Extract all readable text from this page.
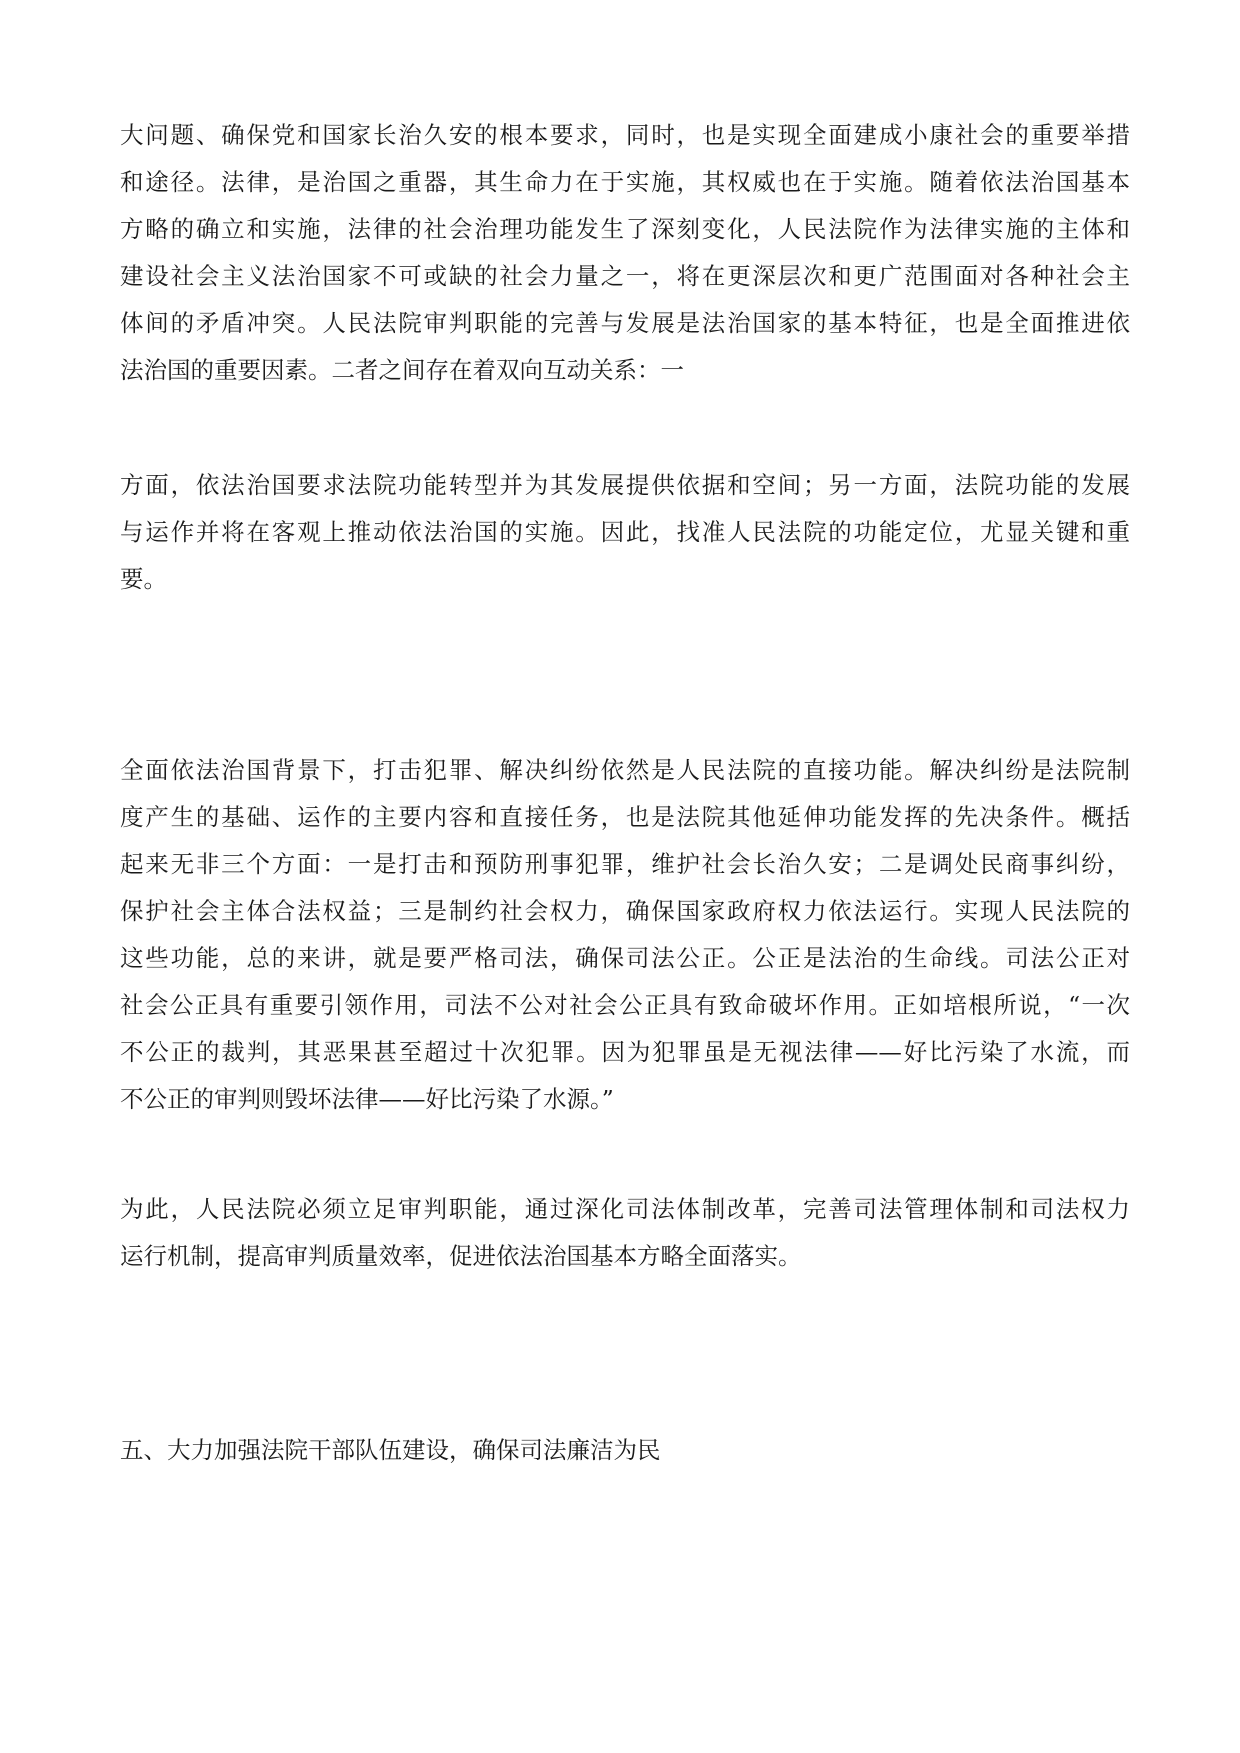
大问题、确保党和国家长治久安的根本要求，同时，也是实现全面建成小康社会的重要举措
和途径。法律，是治国之重器，其生命力在于实施，其权威也在于实施。随着依法治国基本
方略的确立和实施，法律的社会治理功能发生了深刻变化，人民法院作为法律实施的主体和
建设社会主义法治国家不可或缺的社会力量之一，将在更深层次和更广范围面对各种社会主
体间的矛盾冲突。人民法院审判职能的完善与发展是法治国家的基本特征，也是全面推进依
法治国的重要因素。二者之间存在着双向互动关系：一

方面，依法治国要求法院功能转型并为其发展提供依据和空间；另一方面，法院功能的发展
与运作并将在客观上推动依法治国的实施。因此，找准人民法院的功能定位，尤显关键和重
要。

全面依法治国背景下，打击犯罪、解决纠纷依然是人民法院的直接功能。解决纠纷是法院制
度产生的基础、运作的主要内容和直接任务，也是法院其他延伸功能发挥的先决条件。概括
起来无非三个方面：一是打击和预防刑事犯罪，维护社会长治久安；二是调处民商事纠纷，
保护社会主体合法权益；三是制约社会权力，确保国家政府权力依法运行。实现人民法院的
这些功能，总的来讲，就是要严格司法，确保司法公正。公正是法治的生命线。司法公正对
社会公正具有重要引领作用，司法不公对社会公正具有致命破坏作用。正如培根所说，“一次
不公正的裁判，其恶果甚至超过十次犯罪。因为犯罪虽是无视法律——好比污染了水流，而
不公正的审判则毁坏法律——好比污染了水源。”

为此，人民法院必须立足审判职能，通过深化司法体制改革，完善司法管理体制和司法权力
运行机制，提高审判质量效率，促进依法治国基本方略全面落实。

五、大力加强法院干部队伍建设，确保司法廉洁为民
